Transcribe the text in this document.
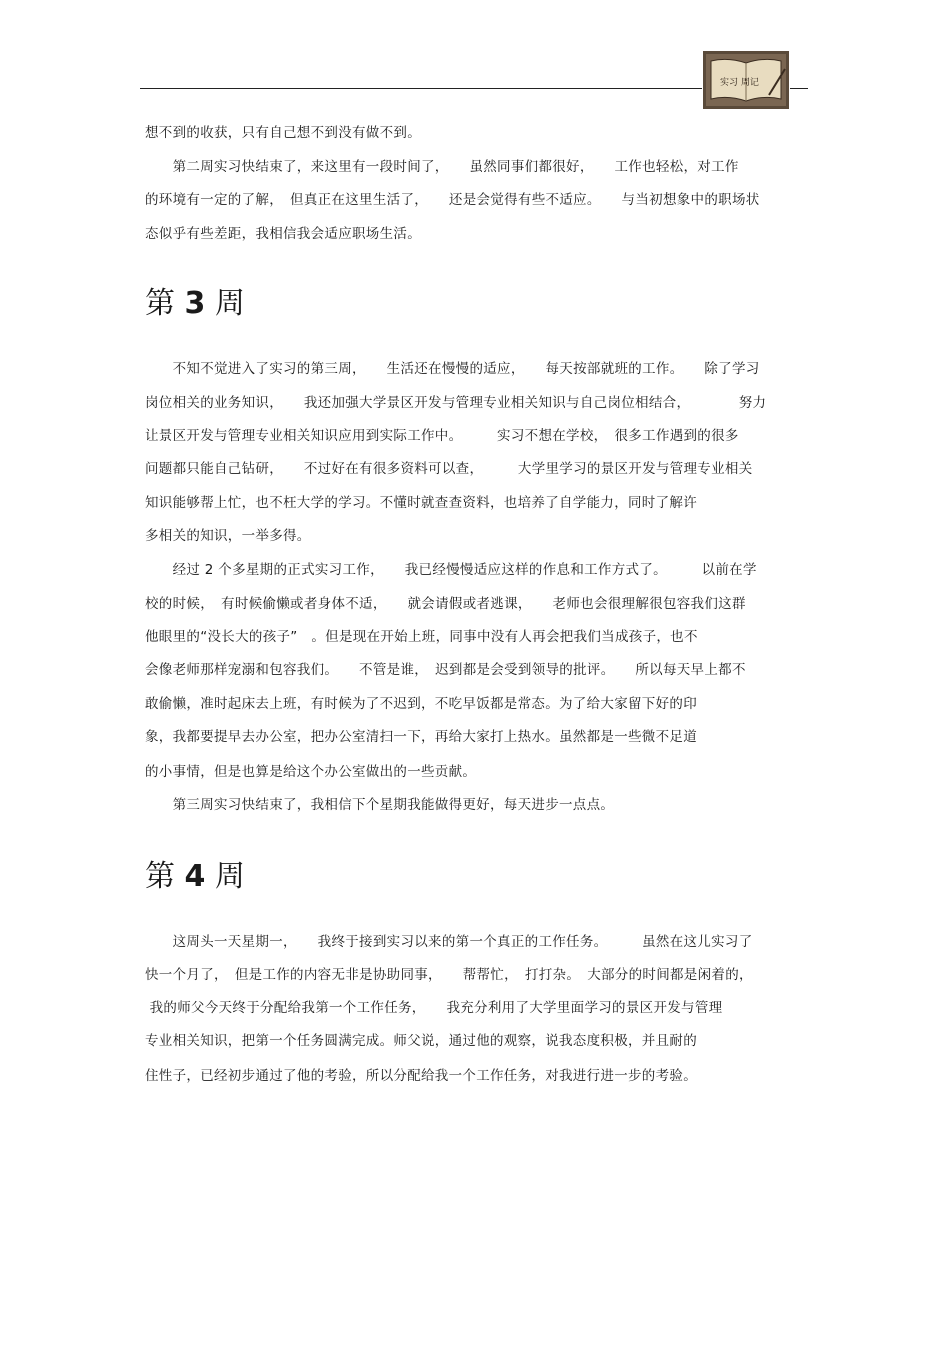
实习 周记
想不到的收获，只有自己想不到没有做不到。
　　第二周实习快结束了，来这里有一段时间了，　　虽然同事们都很好，　　工作也轻松，对工作
的环境有一定的了解，　但真正在这里生活了，　　还是会觉得有些不适应。　　与当初想象中的职场状
态似乎有些差距，我相信我会适应职场生活。
第 3 周
　　不知不觉进入了实习的第三周，　　生活还在慢慢的适应，　　每天按部就班的工作。　　除了学习
岗位相关的业务知识，　　我还加强大学景区开发与管理专业相关知识与自己岗位相结合，　　　　努力
让景区开发与管理专业相关知识应用到实际工作中。　　　实习不想在学校，　很多工作遇到的很多
问题都只能自己钻研，　　不过好在有很多资料可以查，　　　大学里学习的景区开发与管理专业相关
知识能够帮上忙，也不枉大学的学习。不懂时就查查资料，也培养了自学能力，同时了解许
多相关的知识，一举多得。
　　经过 2 个多星期的正式实习工作，　　我已经慢慢适应这样的作息和工作方式了。　　　以前在学
校的时候，　有时候偷懒或者身体不适，　　就会请假或者逃课，　　老师也会很理解很包容我们这群
他眼里的“没长大的孩子”　。但是现在开始上班，同事中没有人再会把我们当成孩子，也不
会像老师那样宠溺和包容我们。　　不管是谁，　迟到都是会受到领导的批评。　　所以每天早上都不
敢偷懒，准时起床去上班，有时候为了不迟到，不吃早饭都是常态。为了给大家留下好的印
象，我都要提早去办公室，把办公室清扫一下，再给大家打上热水。虽然都是一些微不足道
的小事情，但是也算是给这个办公室做出的一些贡献。
　　第三周实习快结束了，我相信下个星期我能做得更好，每天进步一点点。
第 4 周
　　这周头一天星期一，　　我终于接到实习以来的第一个真正的工作任务。　　　虽然在这儿实习了
快一个月了，　但是工作的内容无非是协助同事，　　帮帮忙，　打打杂。　大部分的时间都是闲着的，
我的师父今天终于分配给我第一个工作任务，　　我充分利用了大学里面学习的景区开发与管理
专业相关知识，把第一个任务圆满完成。师父说，通过他的观察，说我态度积极，并且耐的
住性子，已经初步通过了他的考验，所以分配给我一个工作任务，对我进行进一步的考验。
